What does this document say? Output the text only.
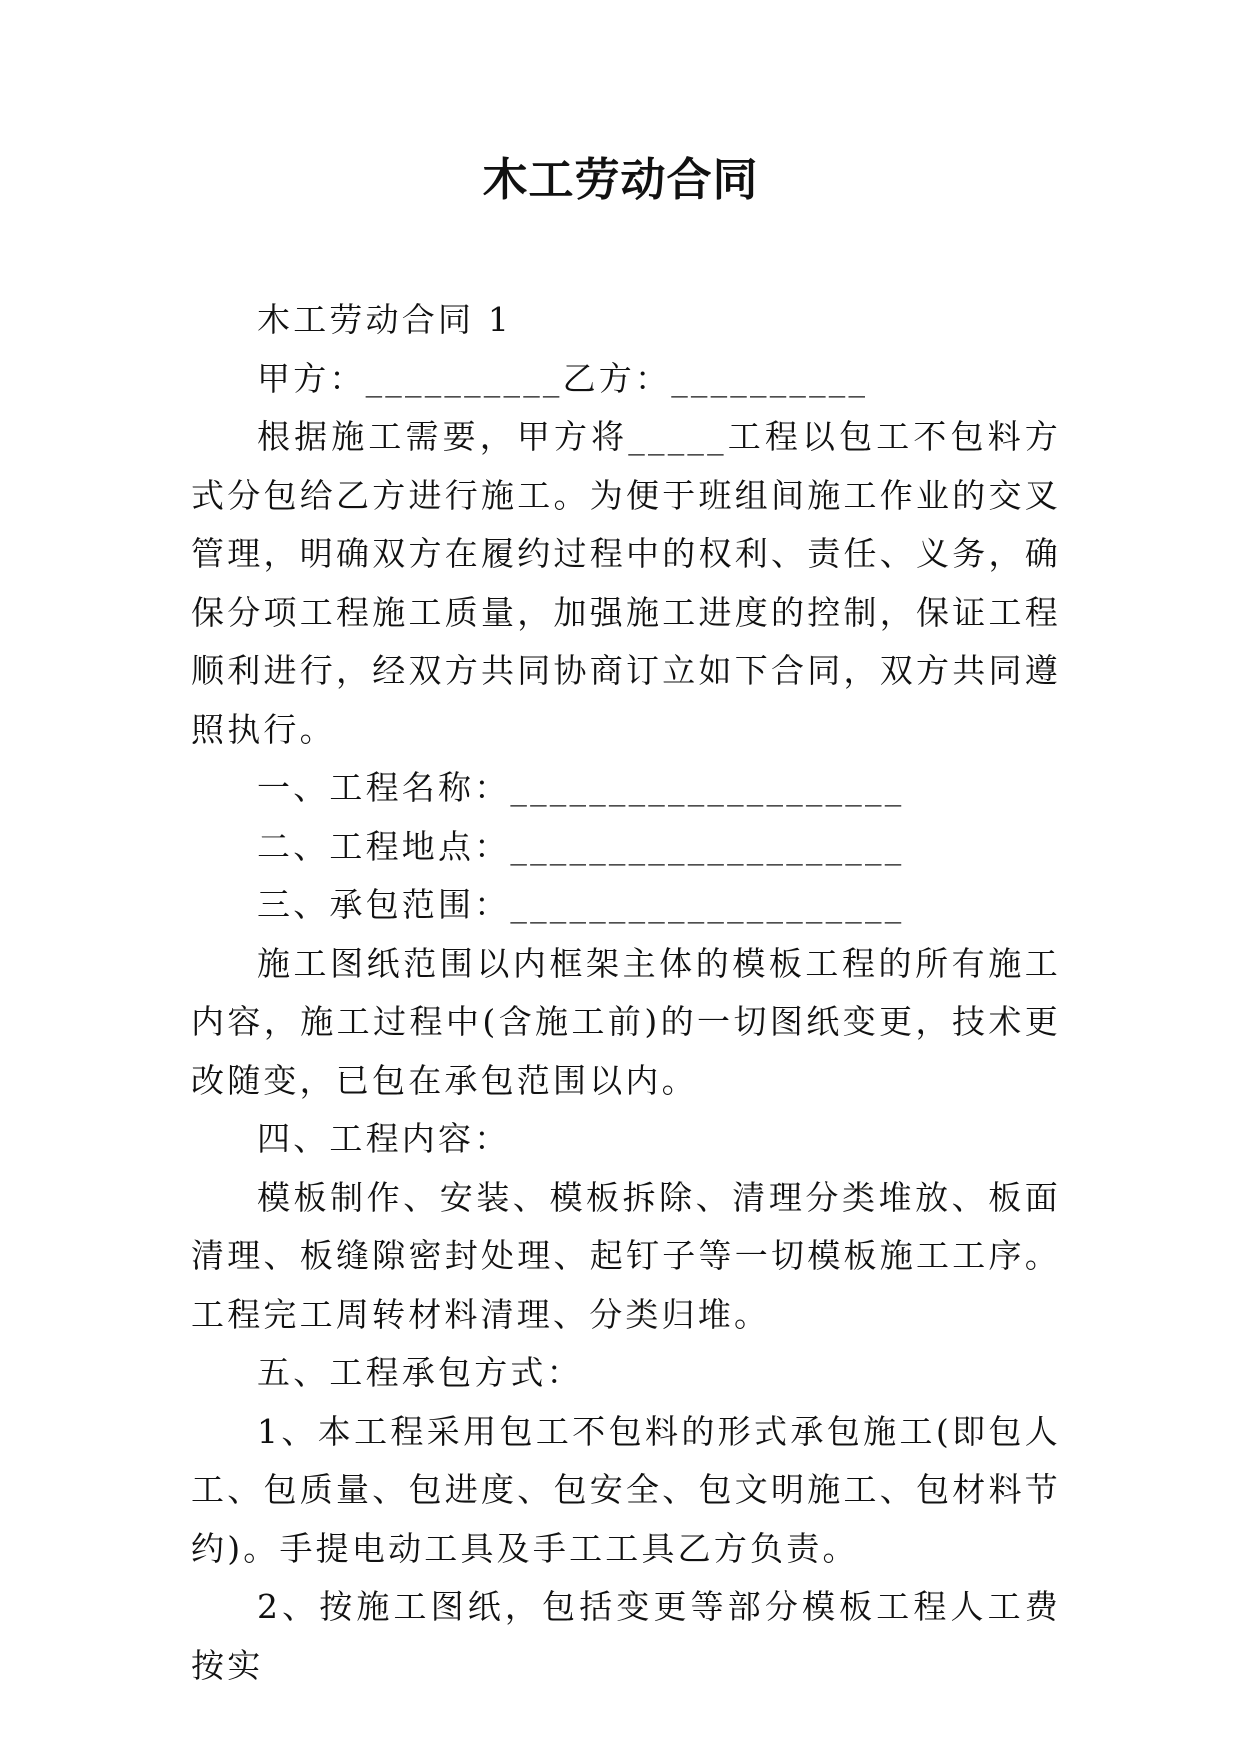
木工劳动合同

木工劳动合同 1

甲方：__________乙方：__________

根据施工需要，甲方将_____工程以包工不包料方式分包给乙方进行施工。为便于班组间施工作业的交叉管理，明确双方在履约过程中的权利、责任、义务，确保分项工程施工质量，加强施工进度的控制，保证工程顺利进行，经双方共同协商订立如下合同，双方共同遵照执行。

一、工程名称：____________________

二、工程地点：____________________

三、承包范围：____________________

施工图纸范围以内框架主体的模板工程的所有施工内容，施工过程中(含施工前)的一切图纸变更，技术更改随变，已包在承包范围以内。

四、工程内容：

模板制作、安装、模板拆除、清理分类堆放、板面清理、板缝隙密封处理、起钉子等一切模板施工工序。工程完工周转材料清理、分类归堆。

五、工程承包方式：

1、本工程采用包工不包料的形式承包施工(即包人工、包质量、包进度、包安全、包文明施工、包材料节约)。手提电动工具及手工工具乙方负责。

2、按施工图纸，包括变更等部分模板工程人工费按实
